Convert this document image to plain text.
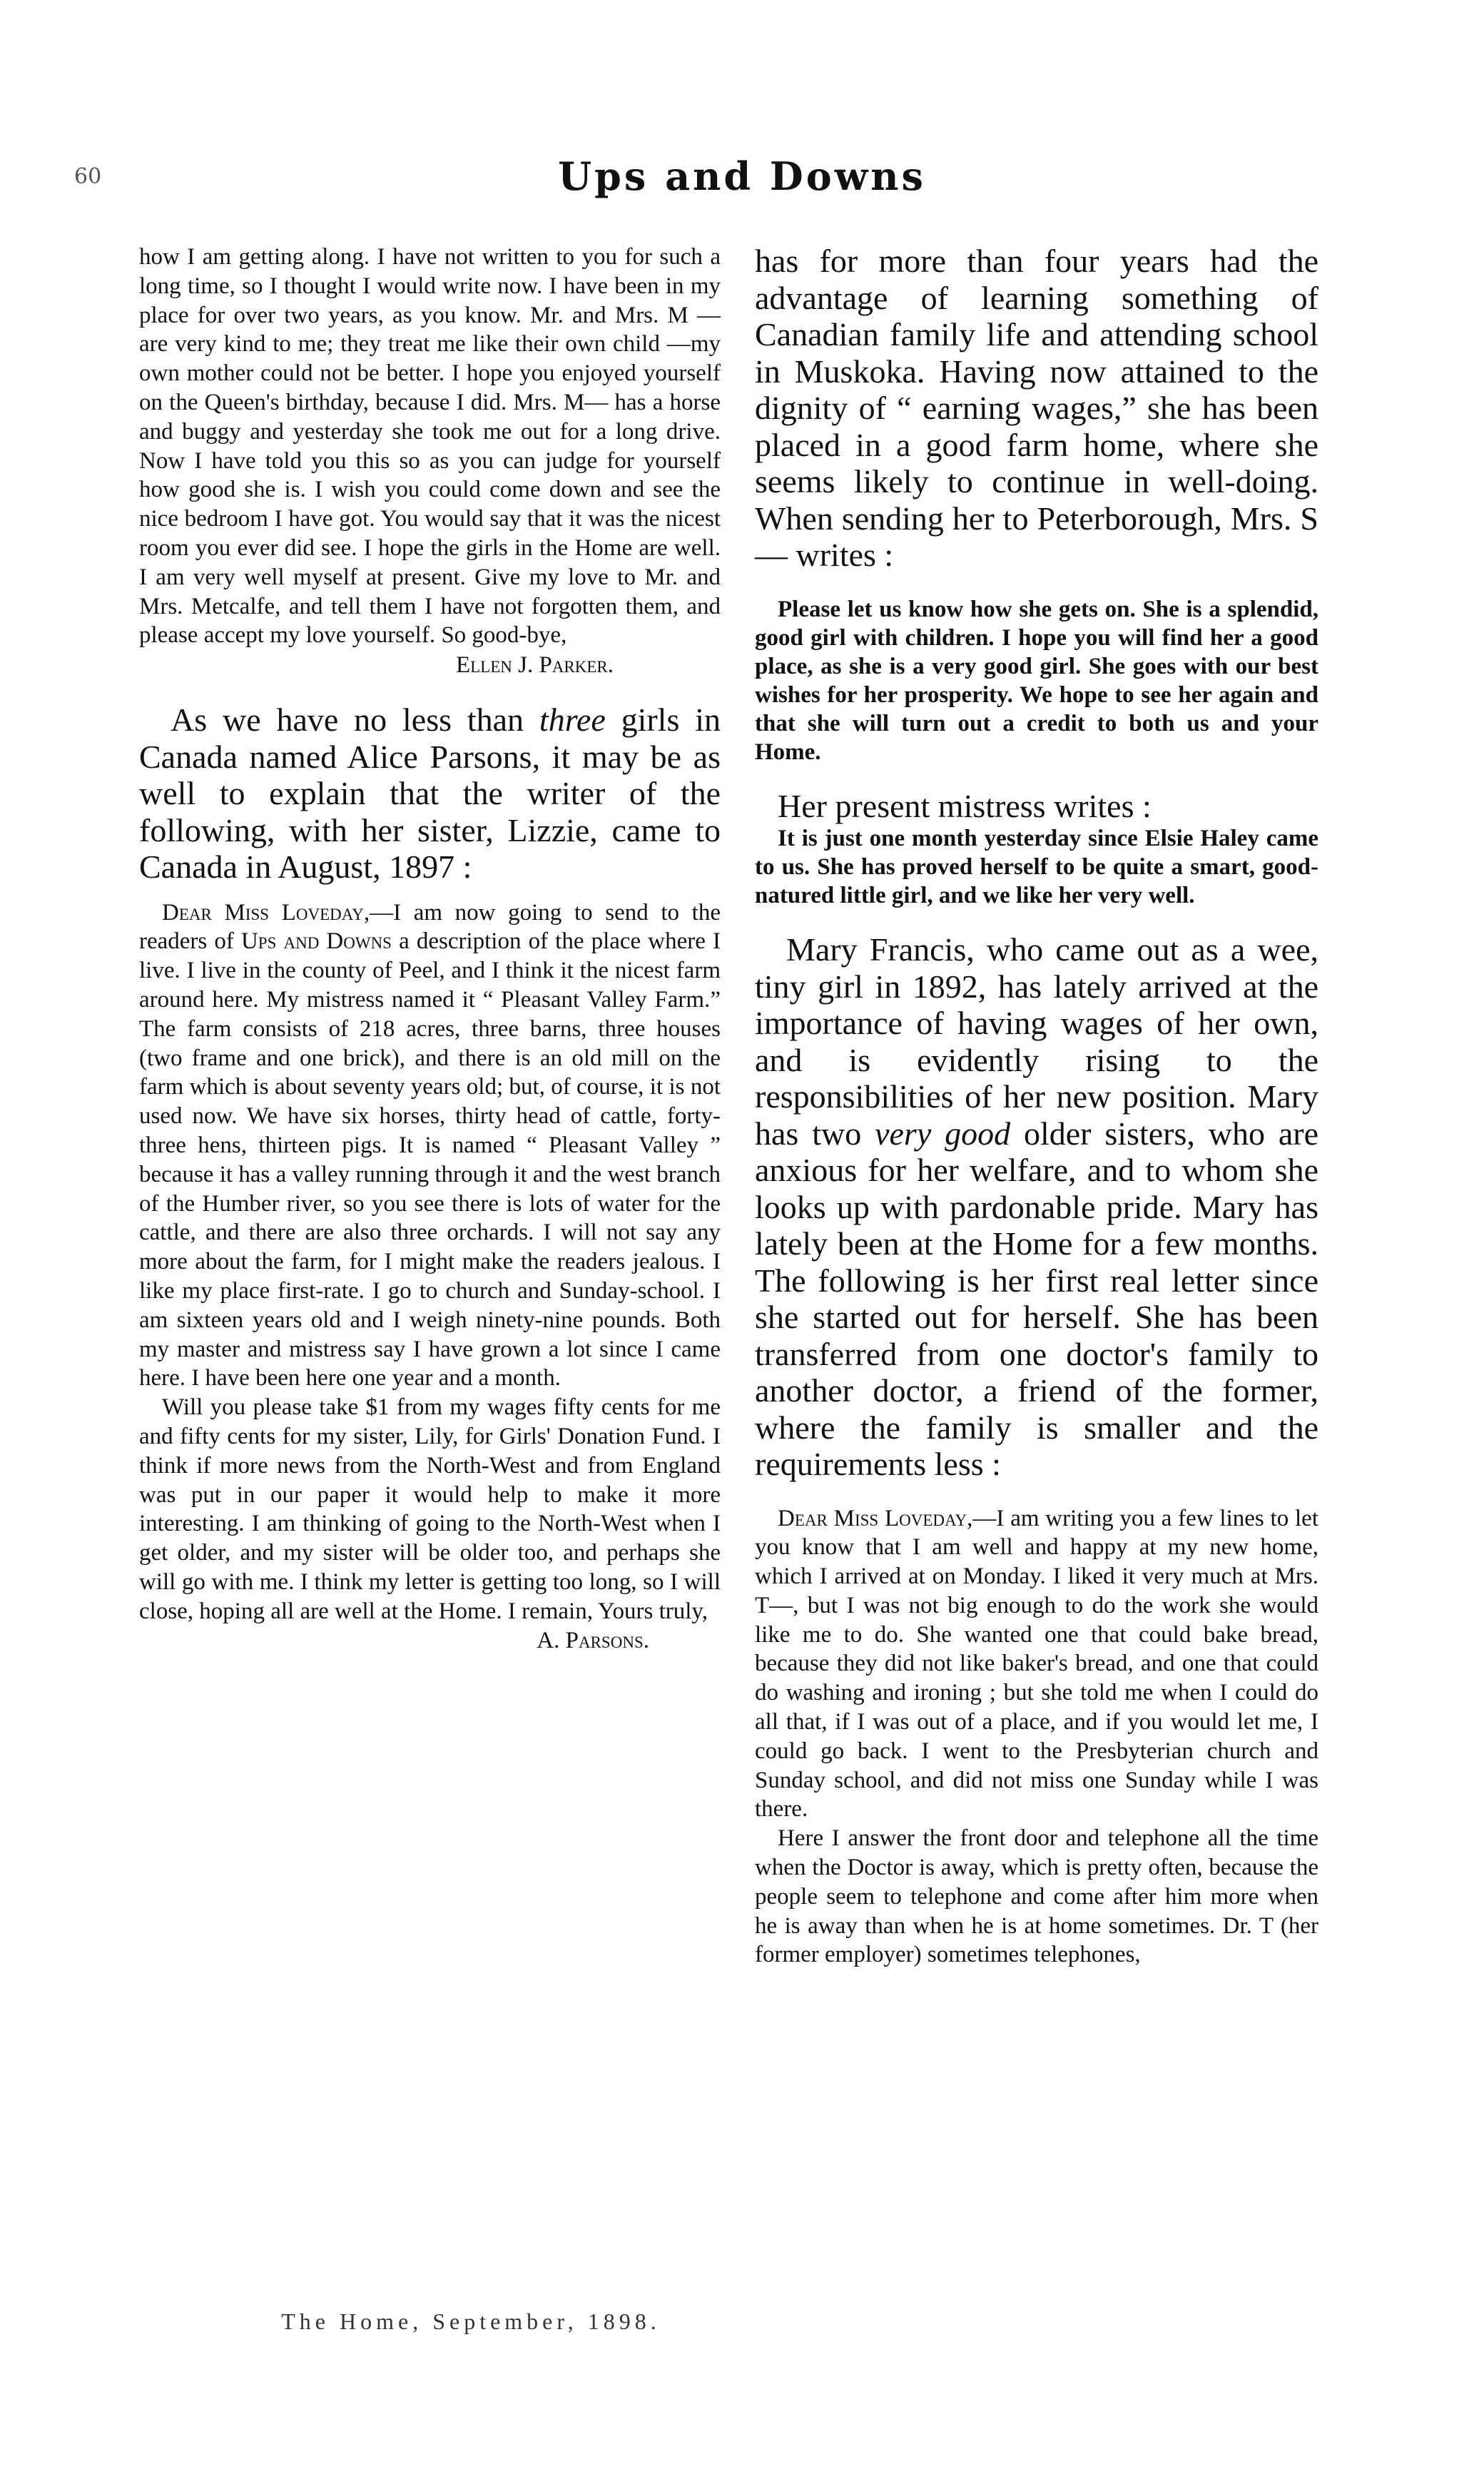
60	Ups and Downs

how I am getting along. I have not written to you for such a long time, so I thought I would write now. I have been in my place for over two years, as you know. Mr. and Mrs. M — are very kind to me; they treat me like their own child —my own mother could not be better. I hope you enjoyed yourself on the Queen's birthday, because I did. Mrs. M— has a horse and buggy and yesterday she took me out for a long drive. Now I have told you this so as you can judge for yourself how good she is. I wish you could come down and see the nice bedroom I have got. You would say that it was the nicest room you ever did see. I hope the girls in the Home are well. I am very well myself at present. Give my love to Mr. and Mrs. Metcalfe, and tell them I have not forgotten them, and please accept my love yourself. So good-bye,

Ellen J. Parker.

As we have no less than three girls in Canada named Alice Parsons, it may be as well to explain that the writer of the following, with her sister, Lizzie, came to Canada in August, 1897 :

Dear Miss Loveday,—I am now going to send to the readers of Ups and Downs a description of the place where I live. I live in the county of Peel, and I think it the nicest farm around here. My mistress named it “ Pleasant Valley Farm.” The farm consists of 218 acres, three barns, three houses (two frame and one brick), and there is an old mill on the farm which is about seventy years old; but, of course, it is not used now. We have six horses, thirty head of cattle, forty-three hens, thirteen pigs. It is named “ Pleasant Valley ” because it has a valley running through it and the west branch of the Humber river, so you see there is lots of water for the cattle, and there are also three orchards. I will not say any more about the farm, for I might make the readers jealous. I like my place first-rate. I go to church and Sunday-school. I am sixteen years old and I weigh ninety-nine pounds. Both my master and mistress say I have grown a lot since I came here. I have been here one year and a month.

Will you please take $1 from my wages fifty cents for me and fifty cents for my sister, Lily, for Girls' Donation Fund. I think if more news from the North-West and from England was put in our paper it would help to make it more interesting. I am thinking of going to the North-West when I get older, and my sister will be older too, and perhaps she will go with me. I think my letter is getting too long, so I will close, hoping all are well at the Home. I remain, Yours truly,

A. Parsons.

has for more than four years had the advantage of learning something of Canadian family life and attending school in Muskoka. Having now attained to the dignity of “ earning wages,” she has been placed in a good farm home, where she seems likely to continue in well-doing. When sending her to Peterborough, Mrs. S— writes :

Please let us know how she gets on. She is a splendid, good girl with children. I hope you will find her a good place, as she is a very good girl. She goes with our best wishes for her prosperity. We hope to see her again and that she will turn out a credit to both us and your Home.

Her present mistress writes :

It is just one month yesterday since Elsie Haley came to us. She has proved herself to be quite a smart, good-natured little girl, and we like her very well.

Mary Francis, who came out as a wee, tiny girl in 1892, has lately arrived at the importance of having wages of her own, and is evidently rising to the responsibilities of her new position. Mary has two very good older sisters, who are anxious for her welfare, and to whom she looks up with pardonable pride. Mary has lately been at the Home for a few months. The following is her first real letter since she started out for herself. She has been transferred from one doctor's family to another doctor, a friend of the former, where the family is smaller and the requirements less :

Dear Miss Loveday,—I am writing you a few lines to let you know that I am well and happy at my new home, which I arrived at on Monday. I liked it very much at Mrs. T—, but I was not big enough to do the work she would like me to do. She wanted one that could bake bread, because they did not like baker's bread, and one that could do washing and ironing ; but she told me when I could do all that, if I was out of a place, and if you would let me, I could go back. I went to the Presbyterian church and Sunday school, and did not miss one Sunday while I was there.

Here I answer the front door and telephone all the time when the Doctor is away, which is pretty often, because the people seem to telephone and come after him more when he is away than when he is at home sometimes. Dr. T (her former employer) sometimes telephones,

The Home, September, 1898.
